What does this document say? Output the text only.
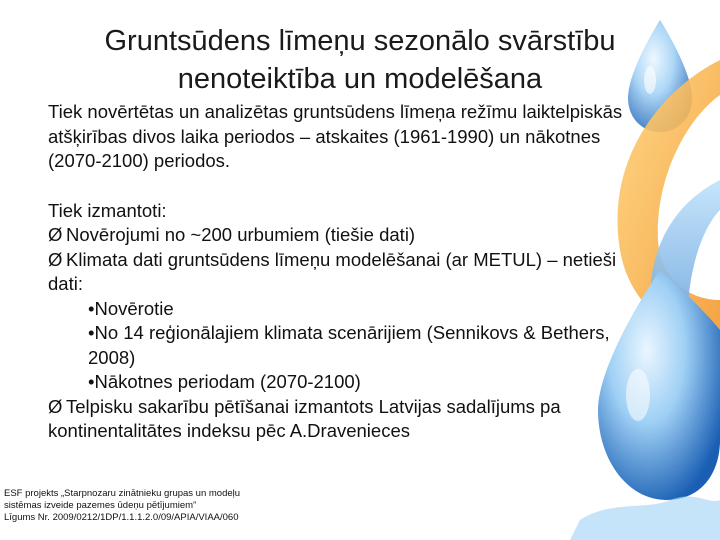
Gruntsūdens līmeņu sezonālo svārstību
nenoteiktība un modelēšana
Tiek novērtētas un analizētas gruntsūdens līmeņa režīmu laiktelpiskās
atšķirības divos laika periodos – atskaites (1961-1990) un nākotnes
(2070-2100) periodos.
Tiek izmantoti:
Ø Novērojumi no ~200 urbumiem (tiešie dati)
Ø Klimata dati gruntsūdens līmeņu modelēšanai (ar METUL) – netieši
dati:
•Novērotie
•No 14 reģionālajiem klimata scenārijiem (Sennikovs & Bethers,
2008)
•Nākotnes periodam (2070-2100)
Ø Telpisku sakarību pētīšanai izmantots Latvijas sadalījums pa
kontinentalitātes indeksu pēc A.Dravenieces
ESF projekts „Starpnozaru zinātnieku grupas un modeļu
sistēmas izveide pazemes ūdeņu pētījumiem”
Līgums Nr. 2009/0212/1DP/1.1.1.2.0/09/APIA/VIAA/060
